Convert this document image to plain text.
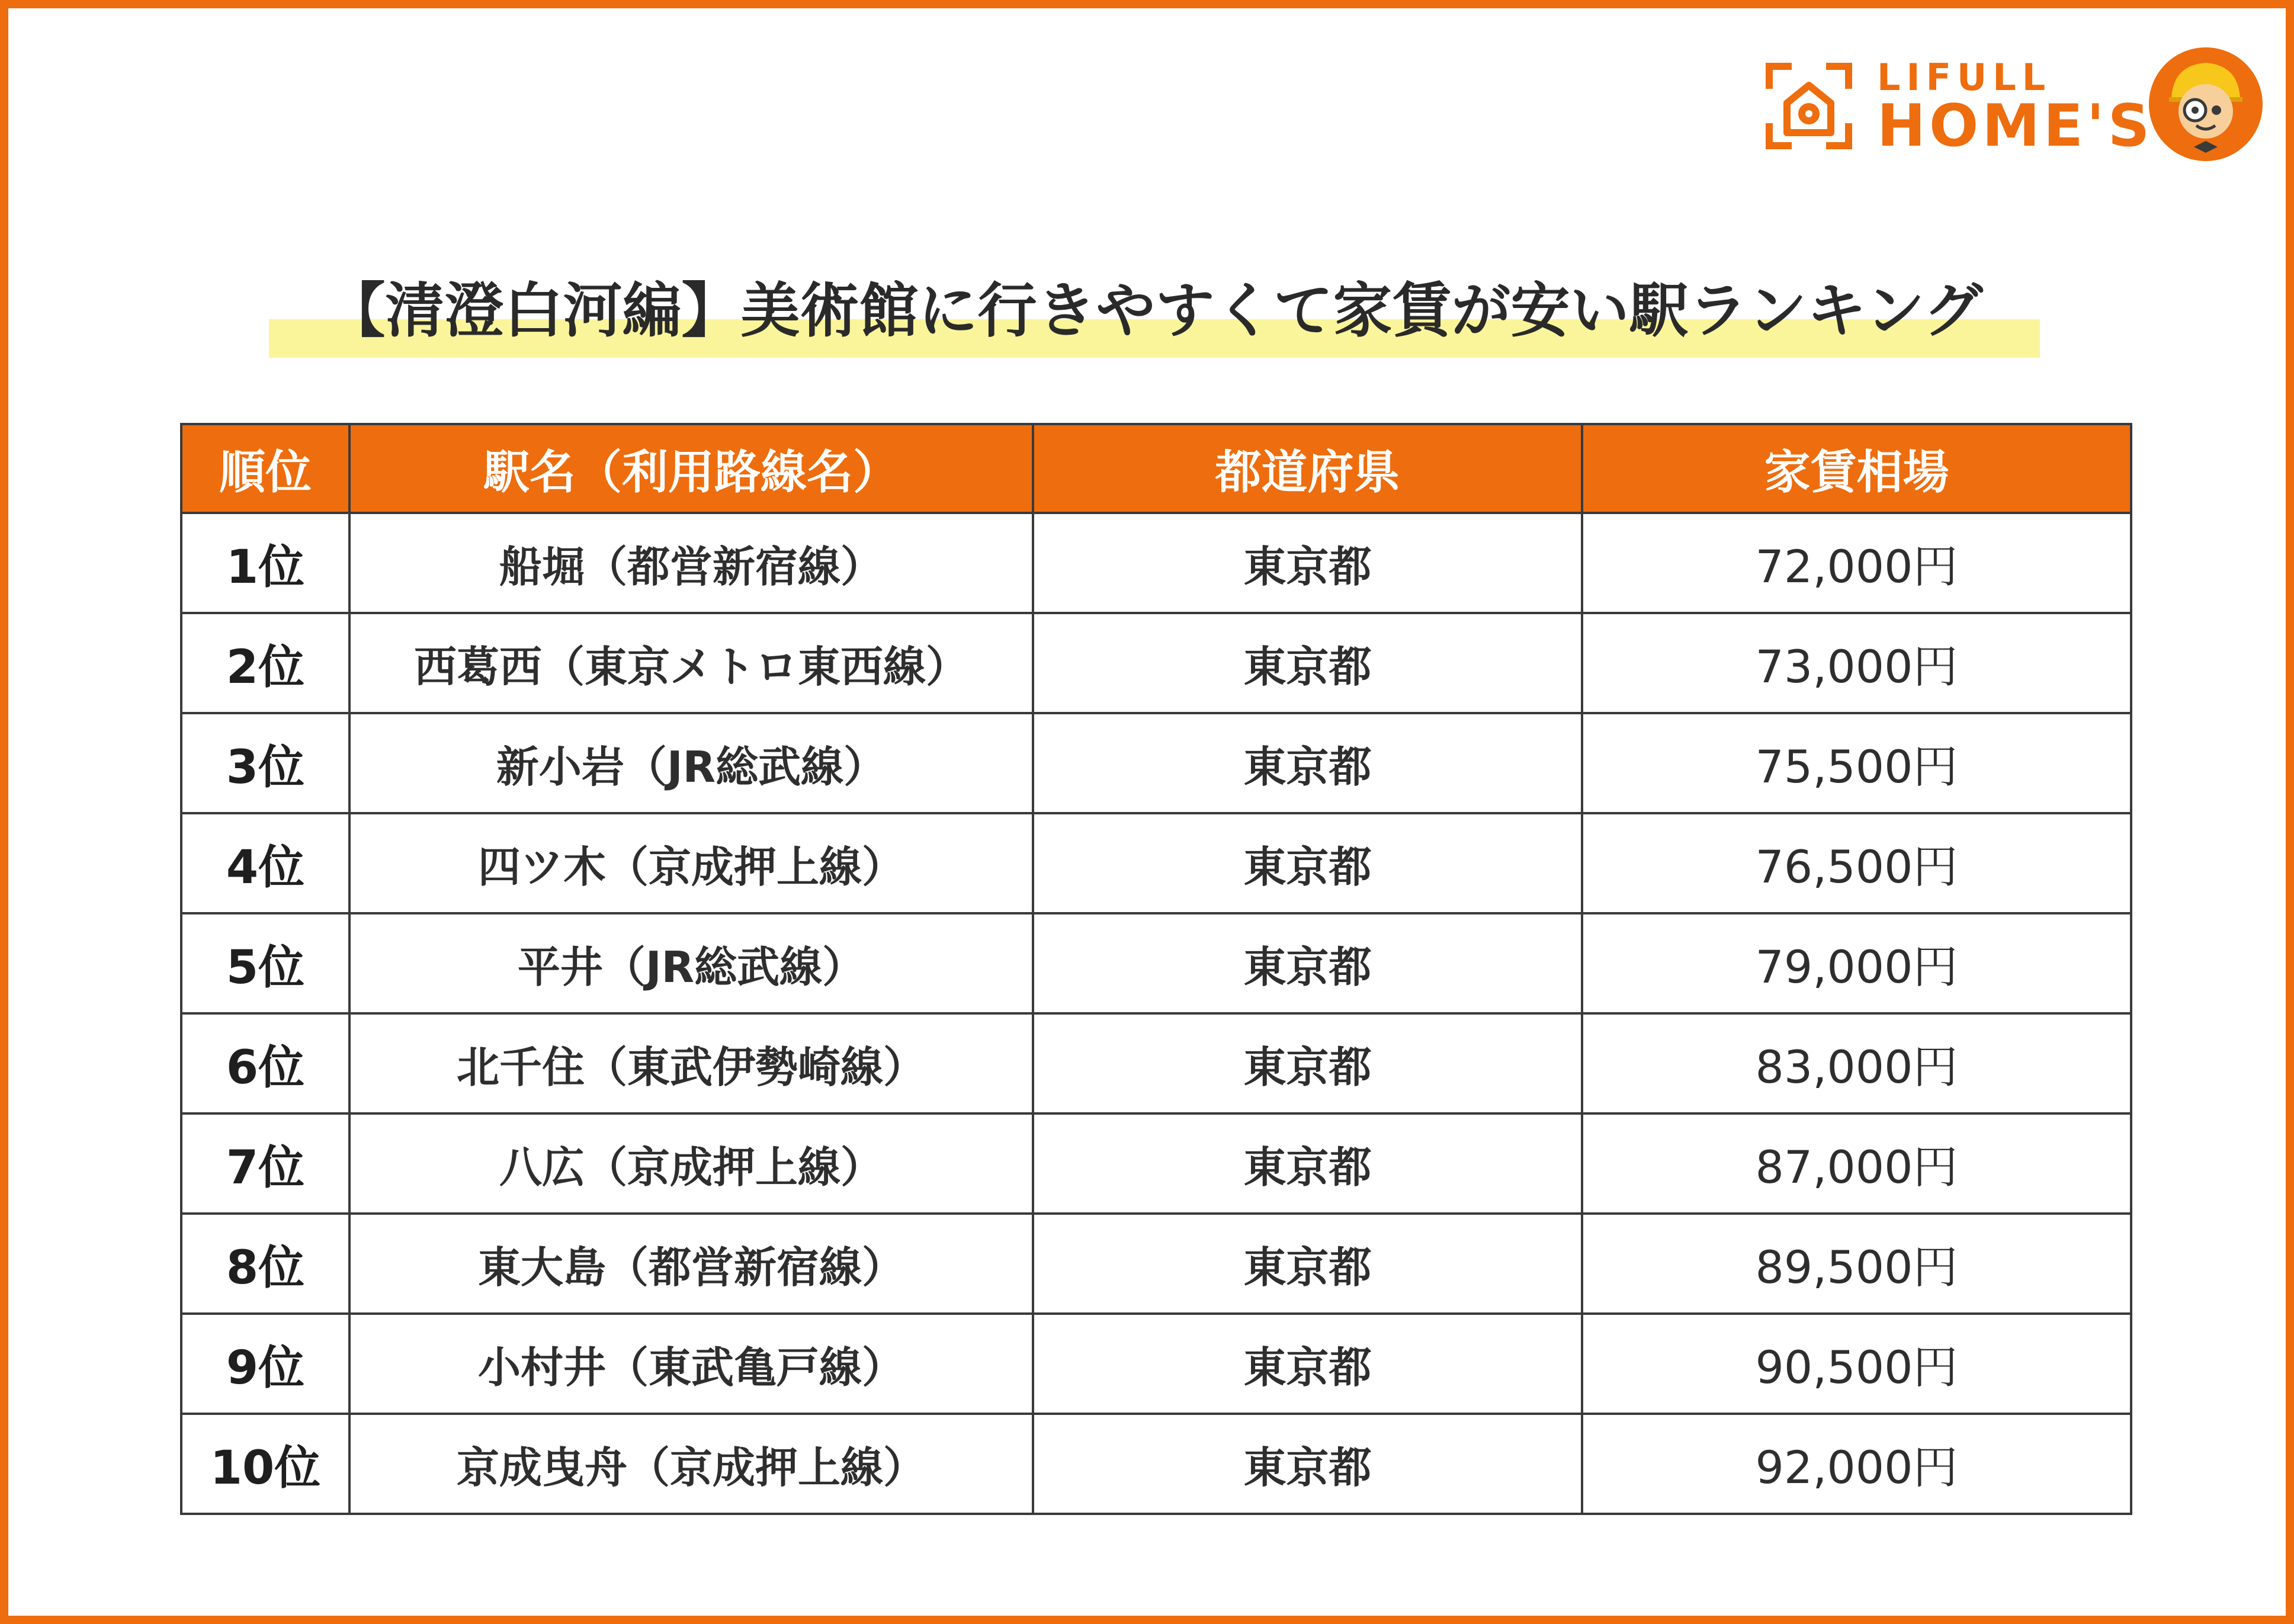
LIFULL
HOME'S
【清澄白河編】美術館に行きやすくて家賃が安い駅ランキング
順位	駅名（利用路線名）	都道府県	家賃相場
1位	船堀（都営新宿線）	東京都	72,000円
2位	西葛西（東京メトロ東西線）	東京都	73,000円
3位	新小岩（JR総武線）	東京都	75,500円
4位	四ツ木（京成押上線）	東京都	76,500円
5位	平井（JR総武線）	東京都	79,000円
6位	北千住（東武伊勢崎線）	東京都	83,000円
7位	八広（京成押上線）	東京都	87,000円
8位	東大島（都営新宿線）	東京都	89,500円
9位	小村井（東武亀戸線）	東京都	90,500円
10位	京成曳舟（京成押上線）	東京都	92,000円
